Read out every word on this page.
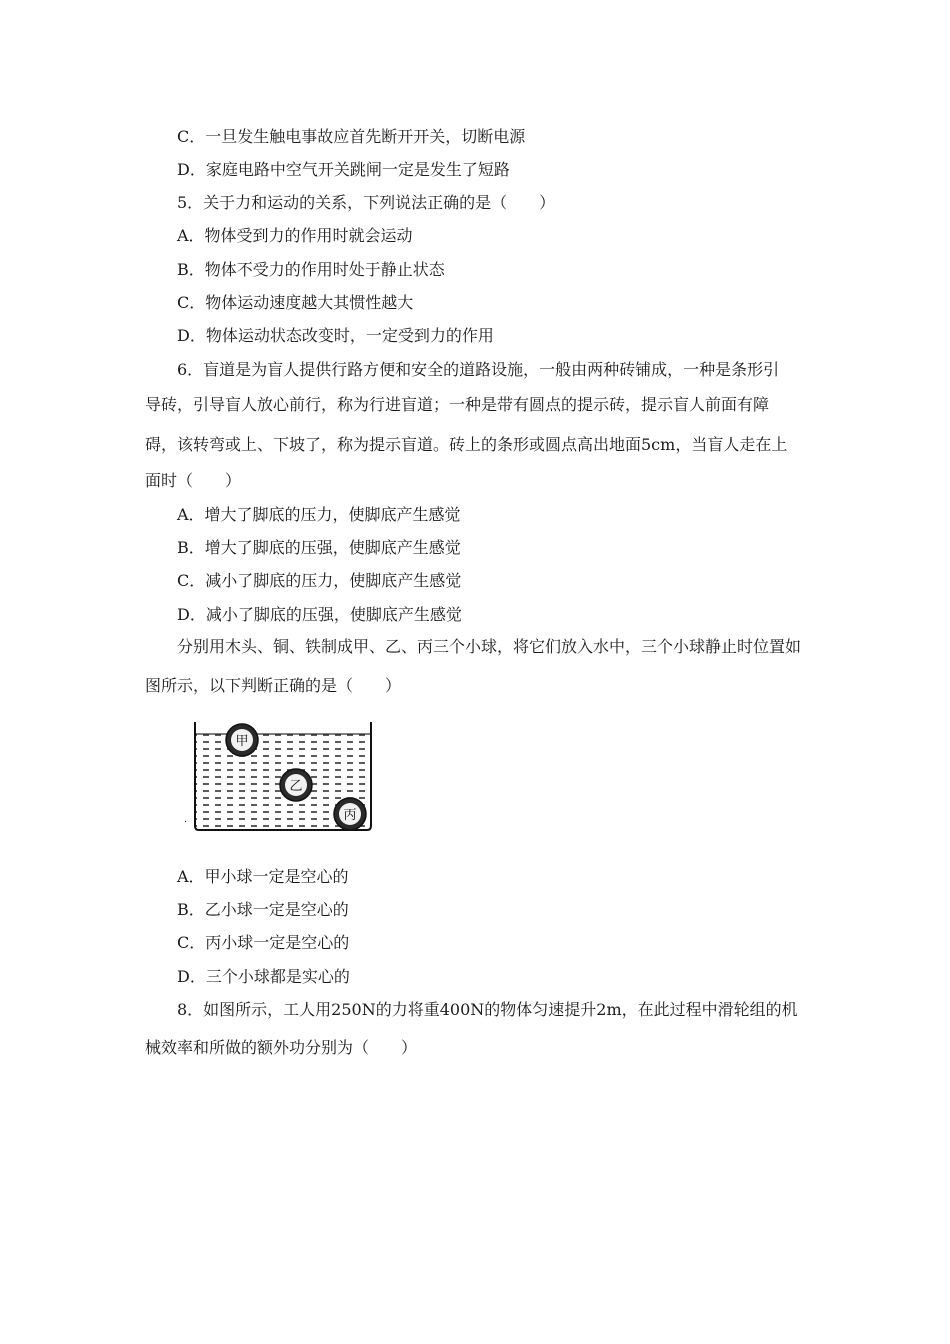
C．一旦发生触电事故应首先断开开关，切断电源
D．家庭电路中空气开关跳闸一定是发生了短路
5．关于力和运动的关系，下列说法正确的是（　　）
A．物体受到力的作用时就会运动
B．物体不受力的作用时处于静止状态
C．物体运动速度越大其惯性越大
D．物体运动状态改变时，一定受到力的作用
6．盲道是为盲人提供行路方便和安全的道路设施，一般由两种砖铺成，一种是条形引
导砖，引导盲人放心前行，称为行进盲道；一种是带有圆点的提示砖，提示盲人前面有障
碍，该转弯或上、下坡了，称为提示盲道。砖上的条形或圆点高出地面5cm，当盲人走在上
面时（　　）
A．增大了脚底的压力，使脚底产生感觉
B．增大了脚底的压强，使脚底产生感觉
C．减小了脚底的压力，使脚底产生感觉
D．减小了脚底的压强，使脚底产生感觉
分别用木头、铜、铁制成甲、乙、丙三个小球，将它们放入水中，三个小球静止时位置如
图所示，以下判断正确的是（　　）
.
甲
乙
丙
A．甲小球一定是空心的
B．乙小球一定是空心的
C．丙小球一定是空心的
D．三个小球都是实心的
8．如图所示，工人用250N的力将重400N的物体匀速提升2m，在此过程中滑轮组的机
械效率和所做的额外功分别为（　　）
